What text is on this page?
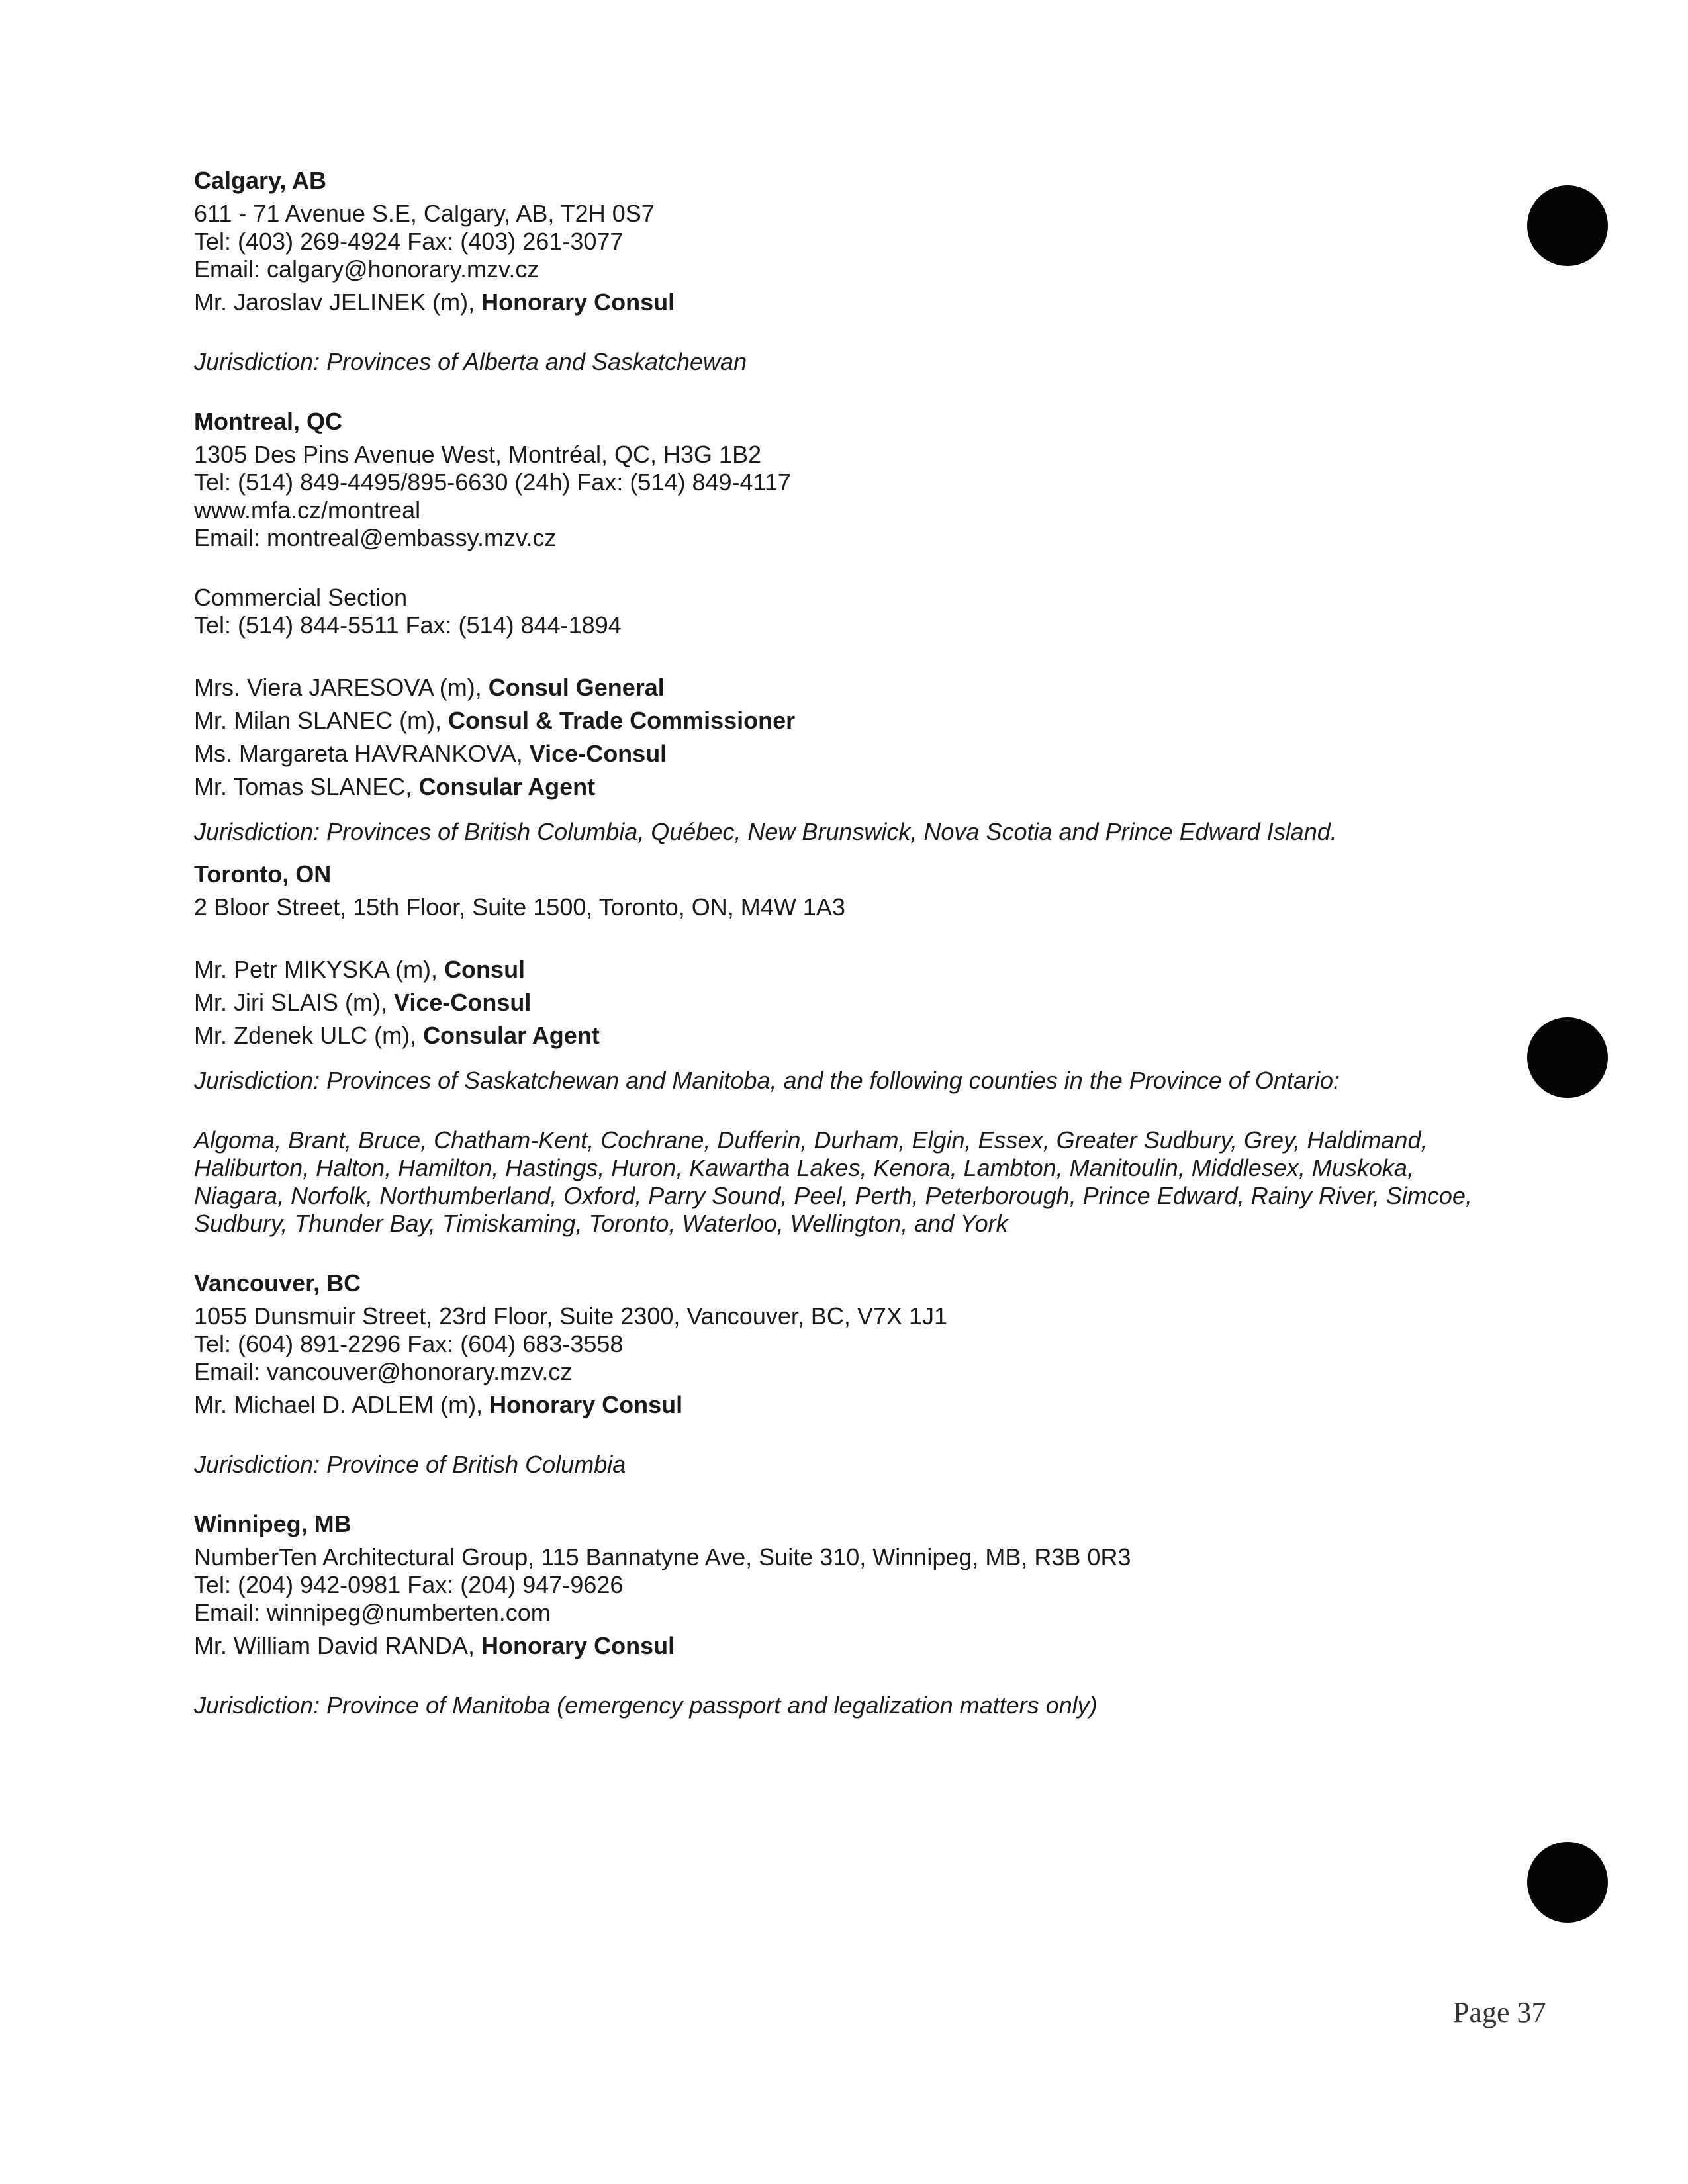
Calgary, AB
611 - 71 Avenue S.E, Calgary, AB, T2H 0S7
Tel: (403) 269-4924 Fax: (403) 261-3077
Email: calgary@honorary.mzv.cz
Mr. Jaroslav JELINEK (m), Honorary Consul
Jurisdiction: Provinces of Alberta and Saskatchewan
Montreal, QC
1305 Des Pins Avenue West, Montréal, QC, H3G 1B2
Tel: (514) 849-4495/895-6630 (24h) Fax: (514) 849-4117
www.mfa.cz/montreal
Email: montreal@embassy.mzv.cz
Commercial Section
Tel: (514) 844-5511 Fax: (514) 844-1894
Mrs. Viera JARESOVA (m), Consul General
Mr. Milan SLANEC (m), Consul & Trade Commissioner
Ms. Margareta HAVRANKOVA, Vice-Consul
Mr. Tomas SLANEC, Consular Agent
Jurisdiction: Provinces of British Columbia, Québec, New Brunswick, Nova Scotia and Prince Edward Island.
Toronto, ON
2 Bloor Street, 15th Floor, Suite 1500, Toronto, ON, M4W 1A3
Mr. Petr MIKYSKA (m), Consul
Mr. Jiri SLAIS (m), Vice-Consul
Mr. Zdenek ULC (m), Consular Agent
Jurisdiction: Provinces of Saskatchewan and Manitoba, and the following counties in the Province of Ontario:
Algoma, Brant, Bruce, Chatham-Kent, Cochrane, Dufferin, Durham, Elgin, Essex, Greater Sudbury, Grey, Haldimand, Haliburton, Halton, Hamilton, Hastings, Huron, Kawartha Lakes, Kenora, Lambton, Manitoulin, Middlesex, Muskoka, Niagara, Norfolk, Northumberland, Oxford, Parry Sound, Peel, Perth, Peterborough, Prince Edward, Rainy River, Simcoe, Sudbury, Thunder Bay, Timiskaming, Toronto, Waterloo, Wellington, and York
Vancouver, BC
1055 Dunsmuir Street, 23rd Floor, Suite 2300, Vancouver, BC, V7X 1J1
Tel: (604) 891-2296 Fax: (604) 683-3558
Email: vancouver@honorary.mzv.cz
Mr. Michael D. ADLEM (m), Honorary Consul
Jurisdiction: Province of British Columbia
Winnipeg, MB
NumberTen Architectural Group, 115 Bannatyne Ave, Suite 310, Winnipeg, MB, R3B 0R3
Tel: (204) 942-0981 Fax: (204) 947-9626
Email: winnipeg@numberten.com
Mr. William David RANDA, Honorary Consul
Jurisdiction: Province of Manitoba (emergency passport and legalization matters only)
Page 37
